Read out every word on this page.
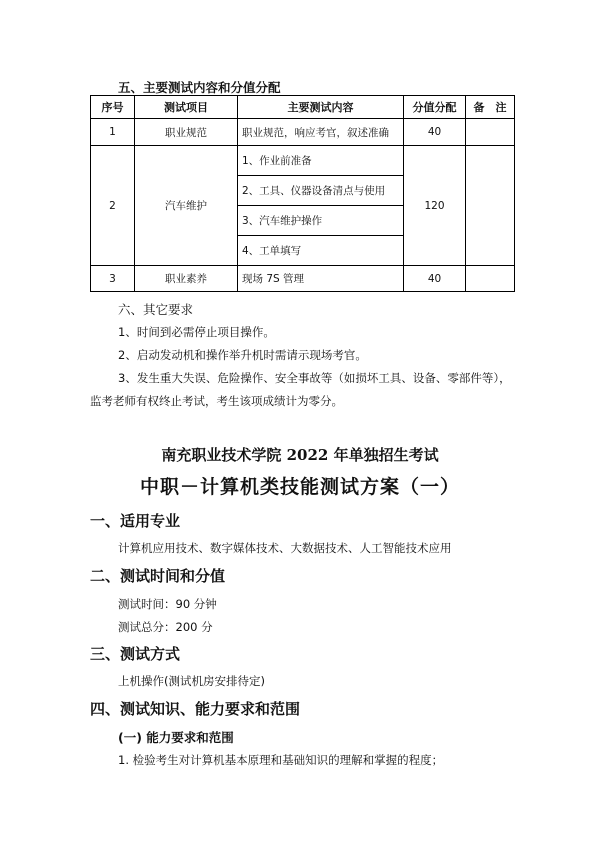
五、主要测试内容和分值分配
序号	测试项目	主要测试内容	分值分配	备　注
1	职业规范	职业规范，响应考官，叙述准确	40	
2	汽车维护	1、作业前准备	120	
		2、工具、仪器设备清点与使用		
		3、汽车维护操作		
		4、工单填写		
3	职业素养	现场 7S 管理	40	
六、其它要求
1、时间到必需停止项目操作。
2、启动发动机和操作举升机时需请示现场考官。
3、发生重大失误、危险操作、安全事故等（如损坏工具、设备、零部件等），
监考老师有权终止考试，考生该项成绩计为零分。
南充职业技术学院 2022 年单独招生考试
中职－计算机类技能测试方案（一）
一、适用专业
计算机应用技术、数字媒体技术、大数据技术、人工智能技术应用
二、测试时间和分值
测试时间：90 分钟
测试总分：200 分
三、测试方式
上机操作(测试机房安排待定)
四、测试知识、能力要求和范围
(一) 能力要求和范围
1. 检验考生对计算机基本原理和基础知识的理解和掌握的程度；
